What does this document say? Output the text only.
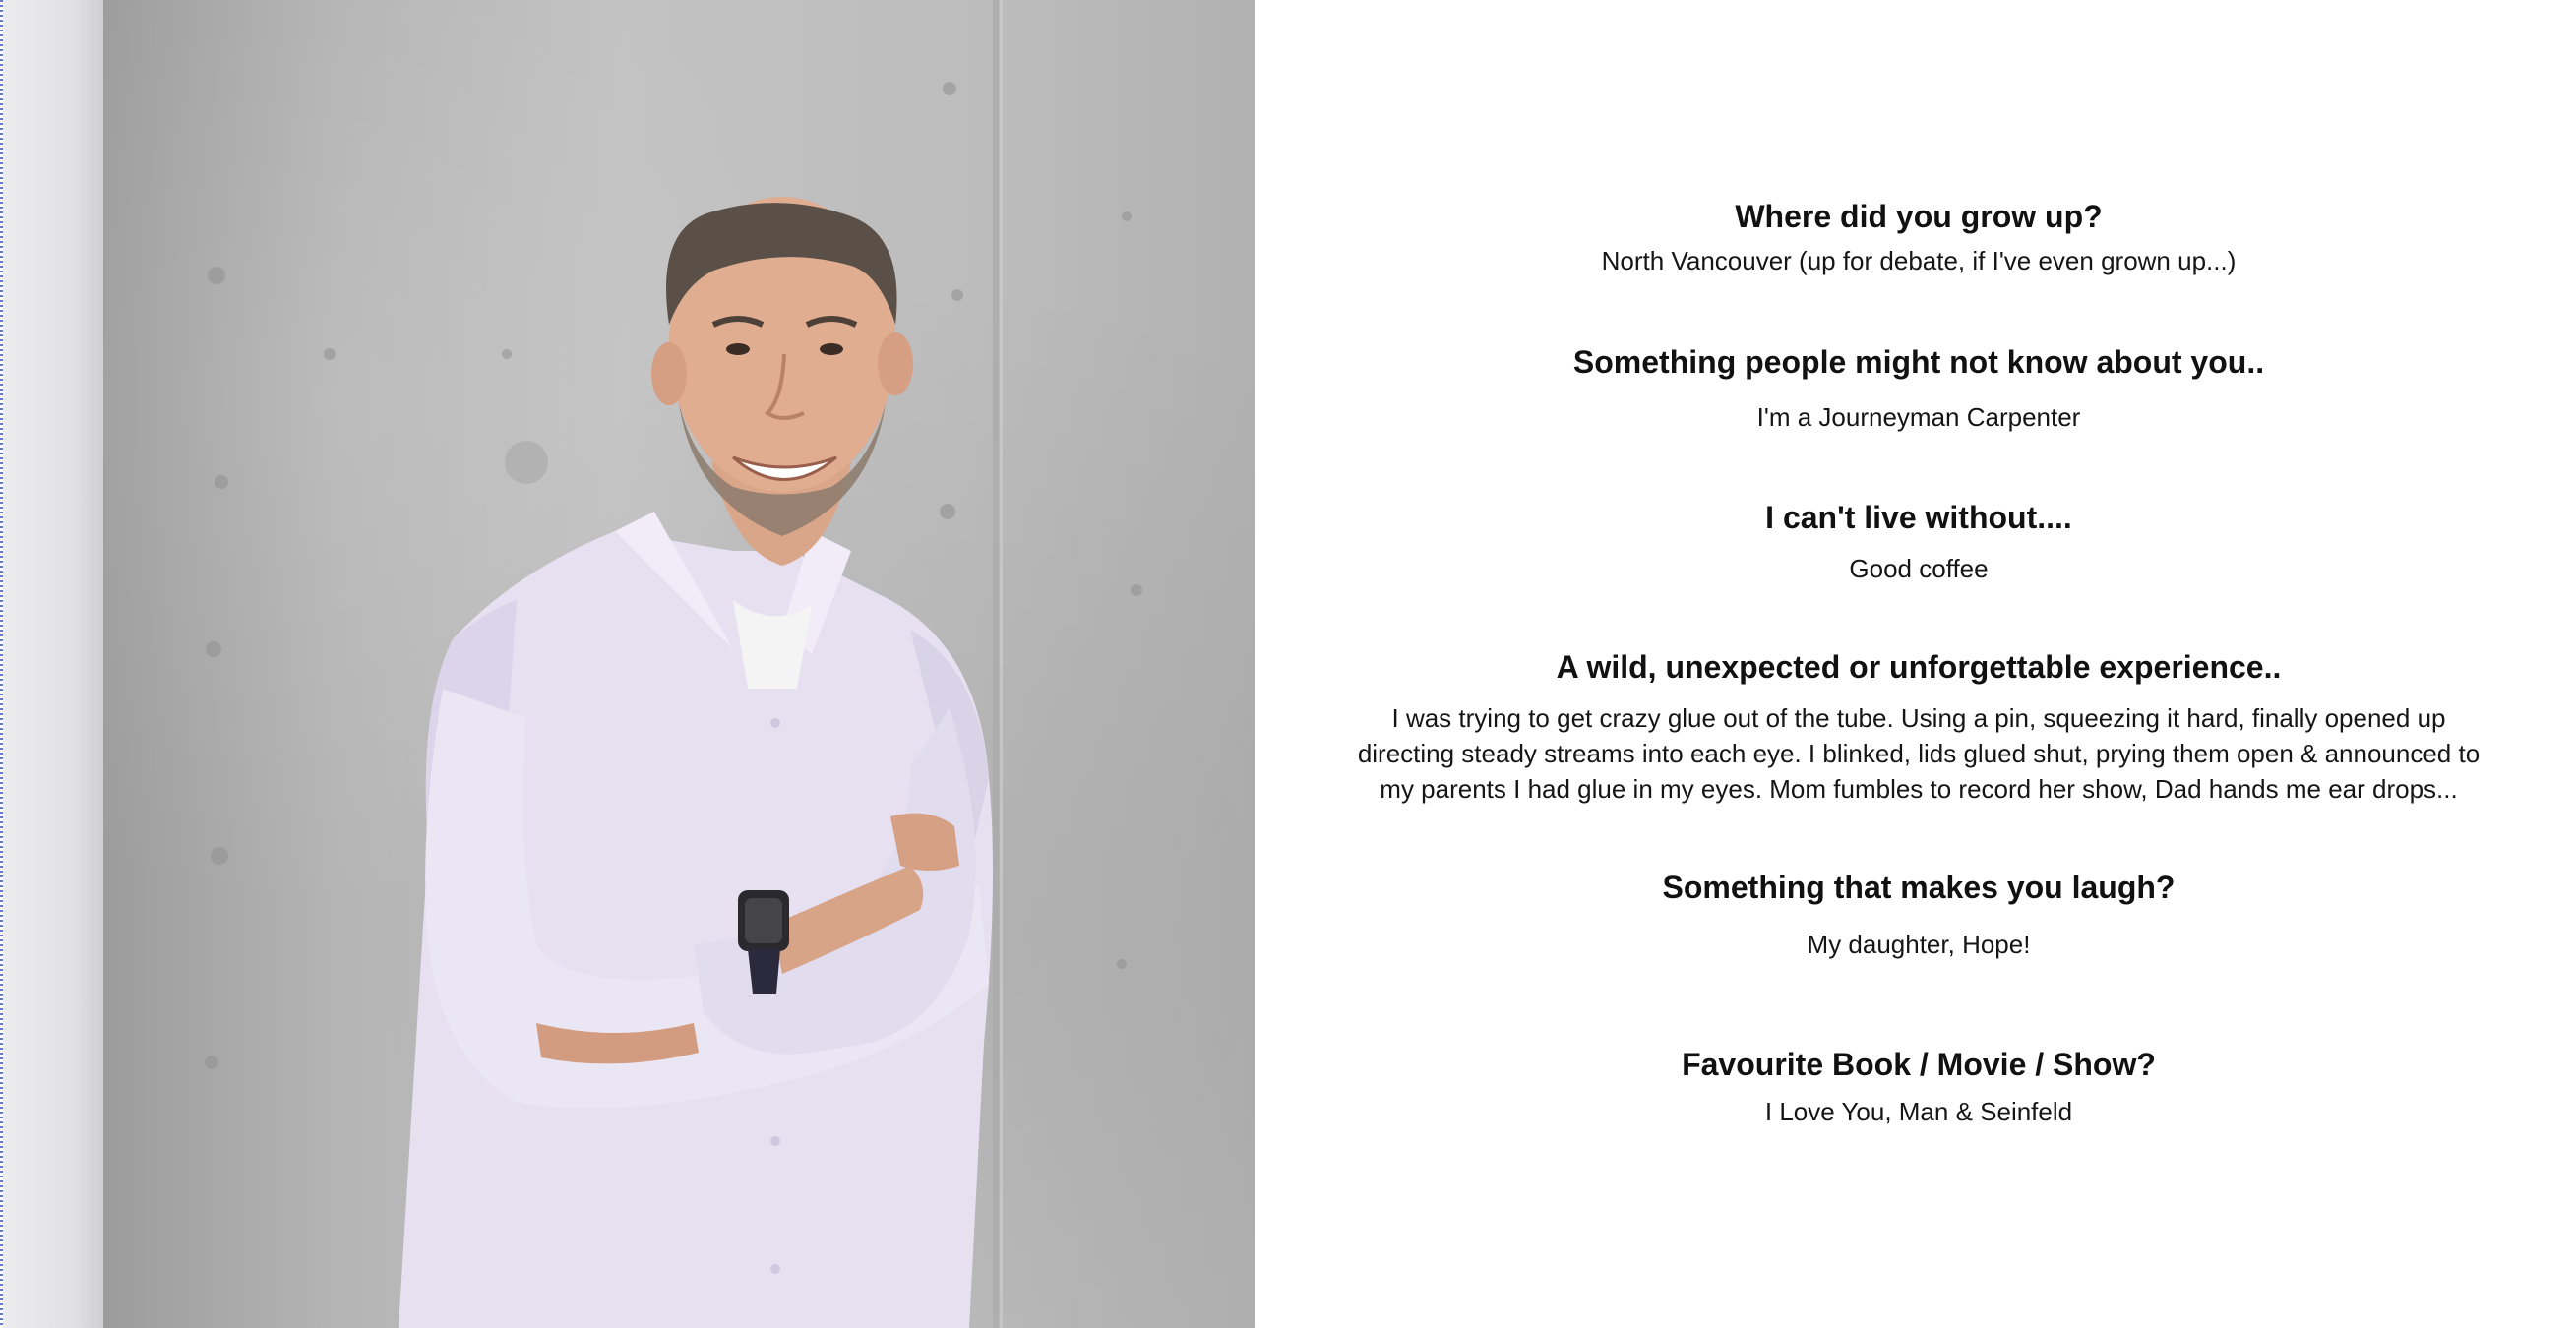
Where did you grow up?
North Vancouver (up for debate, if I've even grown up...)
Something people might not know about you..
I'm a Journeyman Carpenter
I can't live without....
Good coffee
A wild, unexpected or unforgettable experience..
I was trying to get crazy glue out of the tube. Using a pin, squeezing it hard, finally opened up directing steady streams into each eye. I blinked, lids glued shut, prying them open & announced to my parents I had glue in my eyes. Mom fumbles to record her show, Dad hands me ear drops...
Something that makes you laugh?
My daughter, Hope!
Favourite Book / Movie / Show?
I Love You, Man & Seinfeld
